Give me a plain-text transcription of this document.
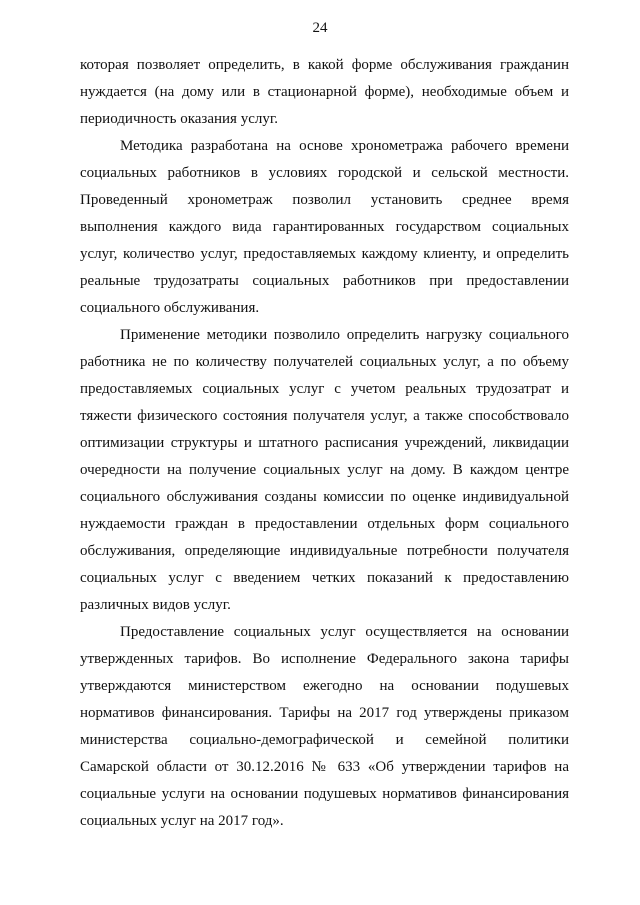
24

которая позволяет определить, в какой форме обслуживания гражданин нуждается (на дому или в стационарной форме), необходимые объем и периодичность оказания услуг.

Методика разработана на основе хронометража рабочего времени социальных работников в условиях городской и сельской местности. Проведенный хронометраж позволил установить среднее время выполнения каждого вида гарантированных государством социальных услуг, количество услуг, предоставляемых каждому клиенту, и определить реальные трудозатраты социальных работников при предоставлении социального обслуживания.

Применение методики позволило определить нагрузку социального работника не по количеству получателей социальных услуг, а по объему предоставляемых социальных услуг с учетом реальных трудозатрат и тяжести физического состояния получателя услуг, а также способствовало оптимизации структуры и штатного расписания учреждений, ликвидации очередности на получение социальных услуг на дому. В каждом центре социального обслуживания созданы комиссии по оценке индивидуальной нуждаемости граждан в предоставлении отдельных форм социального обслуживания, определяющие индивидуальные потребности получателя социальных услуг с введением четких показаний к предоставлению различных видов услуг.

Предоставление социальных услуг осуществляется на основании утвержденных тарифов. Во исполнение Федерального закона тарифы утверждаются министерством ежегодно на основании подушевых нормативов финансирования. Тарифы на 2017 год утверждены приказом министерства социально-демографической и семейной политики Самарской области от 30.12.2016 № 633 «Об утверждении тарифов на социальные услуги на основании подушевых нормативов финансирования социальных услуг на 2017 год».
